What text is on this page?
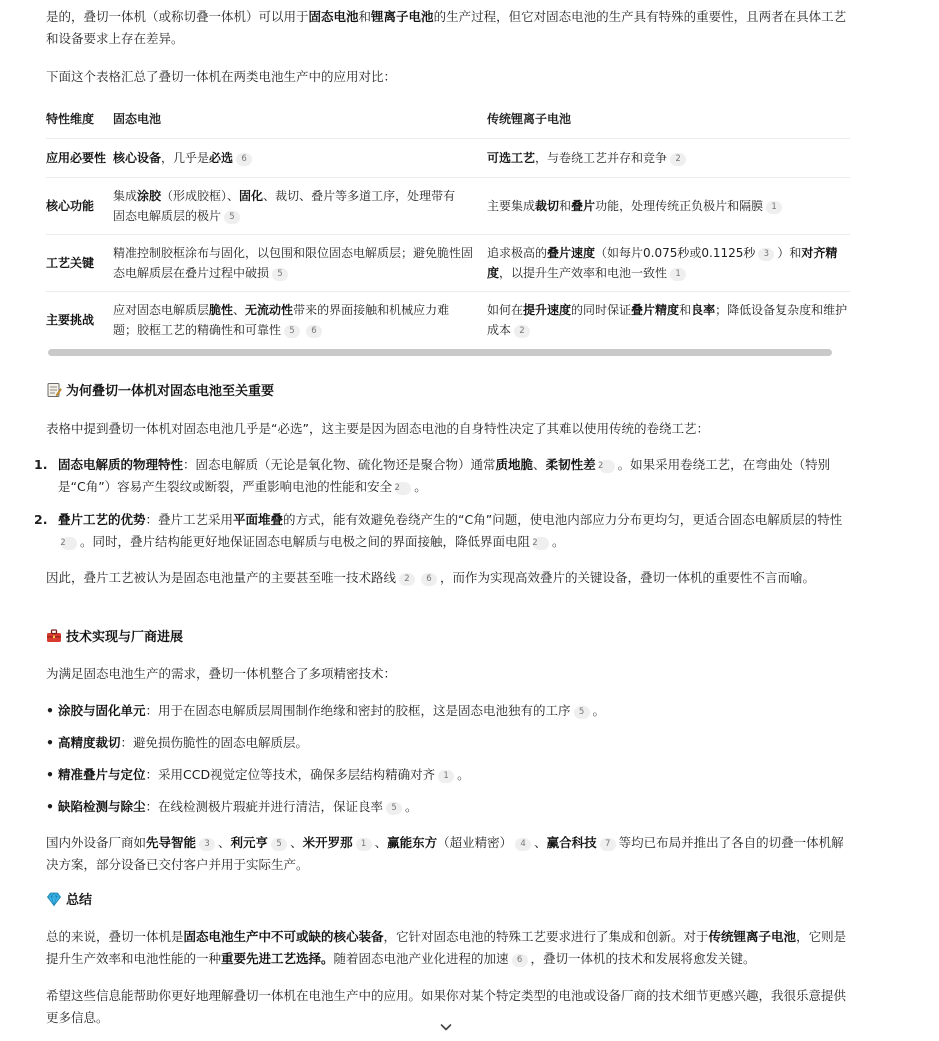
是的，叠切一体机（或称切叠一体机）可以用于固态电池和锂离子电池的生产过程，但它对固态电池的生产具有特殊的重要性，且两者在具体工艺和设备要求上存在差异。

下面这个表格汇总了叠切一体机在两类电池生产中的应用对比：

特性维度	固态电池	传统锂离子电池
应用必要性	核心设备，几乎是必选 6	可选工艺，与卷绕工艺并存和竞争 2
核心功能	集成涂胶（形成胶框）、固化、裁切、叠片等多道工序，处理带有固态电解质层的极片 5	主要集成裁切和叠片功能，处理传统正负极片和隔膜 1
工艺关键	精准控制胶框涂布与固化，以包围和限位固态电解质层；避免脆性固态电解质层在叠片过程中破损 5	追求极高的叠片速度（如每片0.075秒或0.1125秒 3 ）和对齐精度，以提升生产效率和电池一致性 1
主要挑战	应对固态电解质层脆性、无流动性带来的界面接触和机械应力难题；胶框工艺的精确性和可靠性 5 6	如何在提升速度的同时保证叠片精度和良率；降低设备复杂度和维护成本 2
为何叠切一体机对固态电池至关重要

表格中提到叠切一体机对固态电池几乎是“必选”，这主要是因为固态电池的自身特性决定了其难以使用传统的卷绕工艺：

1. 固态电解质的物理特性：固态电解质（无论是氧化物、硫化物还是聚合物）通常质地脆、柔韧性差 2 。如果采用卷绕工艺，在弯曲处（特别是“C角”）容易产生裂纹或断裂，严重影响电池的性能和安全 2 。

2. 叠片工艺的优势：叠片工艺采用平面堆叠的方式，能有效避免卷绕产生的“C角”问题，使电池内部应力分布更均匀，更适合固态电解质层的特性2 。同时，叠片结构能更好地保证固态电解质与电极之间的界面接触，降低界面电阻 2 。

因此，叠片工艺被认为是固态电池量产的主要甚至唯一技术路线 2 6 ，而作为实现高效叠片的关键设备，叠切一体机的重要性不言而喻。

技术实现与厂商进展

为满足固态电池生产的需求，叠切一体机整合了多项精密技术：

• 涂胶与固化单元：用于在固态电解质层周围制作绝缘和密封的胶框，这是固态电池独有的工序 5 。

• 高精度裁切：避免损伤脆性的固态电解质层。

• 精准叠片与定位：采用CCD视觉定位等技术，确保多层结构精确对齐 1 。

• 缺陷检测与除尘：在线检测极片瑕疵并进行清洁，保证良率 5 。

国内外设备厂商如先导智能 3 、利元亨 5 、米开罗那 1 、赢能东方（超业精密） 4 、赢合科技 7 等均已布局并推出了各自的切叠一体机解决方案，部分设备已交付客户并用于实际生产。

总结

总的来说，叠切一体机是固态电池生产中不可或缺的核心装备，它针对固态电池的特殊工艺要求进行了集成和创新。对于传统锂离子电池，它则是提升生产效率和电池性能的一种重要先进工艺选择。随着固态电池产业化进程的加速 6 ，叠切一体机的技术和发展将愈发关键。

希望这些信息能帮助你更好地理解叠切一体机在电池生产中的应用。如果你对某个特定类型的电池或设备厂商的技术细节更感兴趣，我很乐意提供更多信息。
